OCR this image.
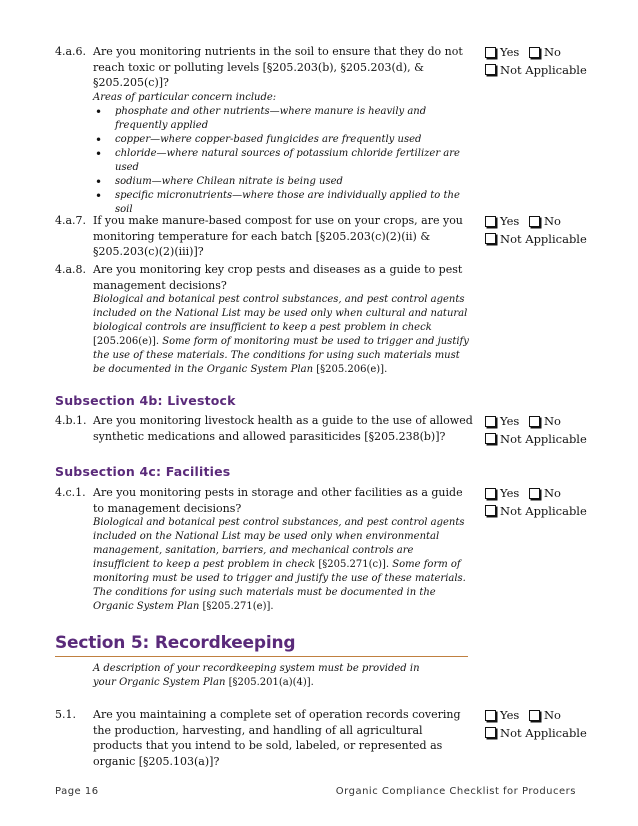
4.a.6. Are you monitoring nutrients in the soil to ensure that they do not reach toxic or polluting levels [§205.203(b), §205.203(d), & §205.205(c)]?
Areas of particular concern include:
• phosphate and other nutrients—where manure is heavily and frequently applied
• copper—where copper-based fungicides are frequently used
• chloride—where natural sources of potassium chloride fertilizer are used
• sodium—where Chilean nitrate is being used
• specific micronutrients—where those are individually applied to the soil
Yes
No

Not Applicable
4.a.7. If you make manure-based compost for use on your crops, are you monitoring temperature for each batch [§205.203(c)(2)(ii) & §205.203(c)(2)(iii)]?
Yes
No

Not Applicable
4.a.8. Are you monitoring key crop pests and diseases as a guide to pest management decisions?
Biological and botanical pest control substances, and pest control agents included on the National List may be used only when cultural and natural biological controls are insufficient to keep a pest problem in check [205.206(e)]. Some form of monitoring must be used to trigger and justify the use of these materials. The conditions for using such materials must be documented in the Organic System Plan [§205.206(e)].
Subsection 4b: Livestock
4.b.1. Are you monitoring livestock health as a guide to the use of allowed synthetic medications and allowed parasiticides [§205.238(b)]?
Yes
No

Not Applicable
Subsection 4c: Facilities
4.c.1. Are you monitoring pests in storage and other facilities as a guide to management decisions?
Biological and botanical pest control substances, and pest control agents included on the National List may be used only when environmental management, sanitation, barriers, and mechanical controls are insufficient to keep a pest problem in check [§205.271(c)]. Some form of monitoring must be used to trigger and justify the use of these materials. The conditions for using such materials must be documented in the Organic System Plan [§205.271(e)].
Yes
No

Not Applicable
Section 5: Recordkeeping
A description of your recordkeeping system must be provided in your Organic System Plan [§205.201(a)(4)].
5.1.	Are you maintaining a complete set of operation records covering the production, harvesting, and handling of all agricultural products that you intend to be sold, labeled, or represented as organic [§205.103(a)]?
Yes
No

Not Applicable
Page 16	Organic Compliance Checklist for Producers
